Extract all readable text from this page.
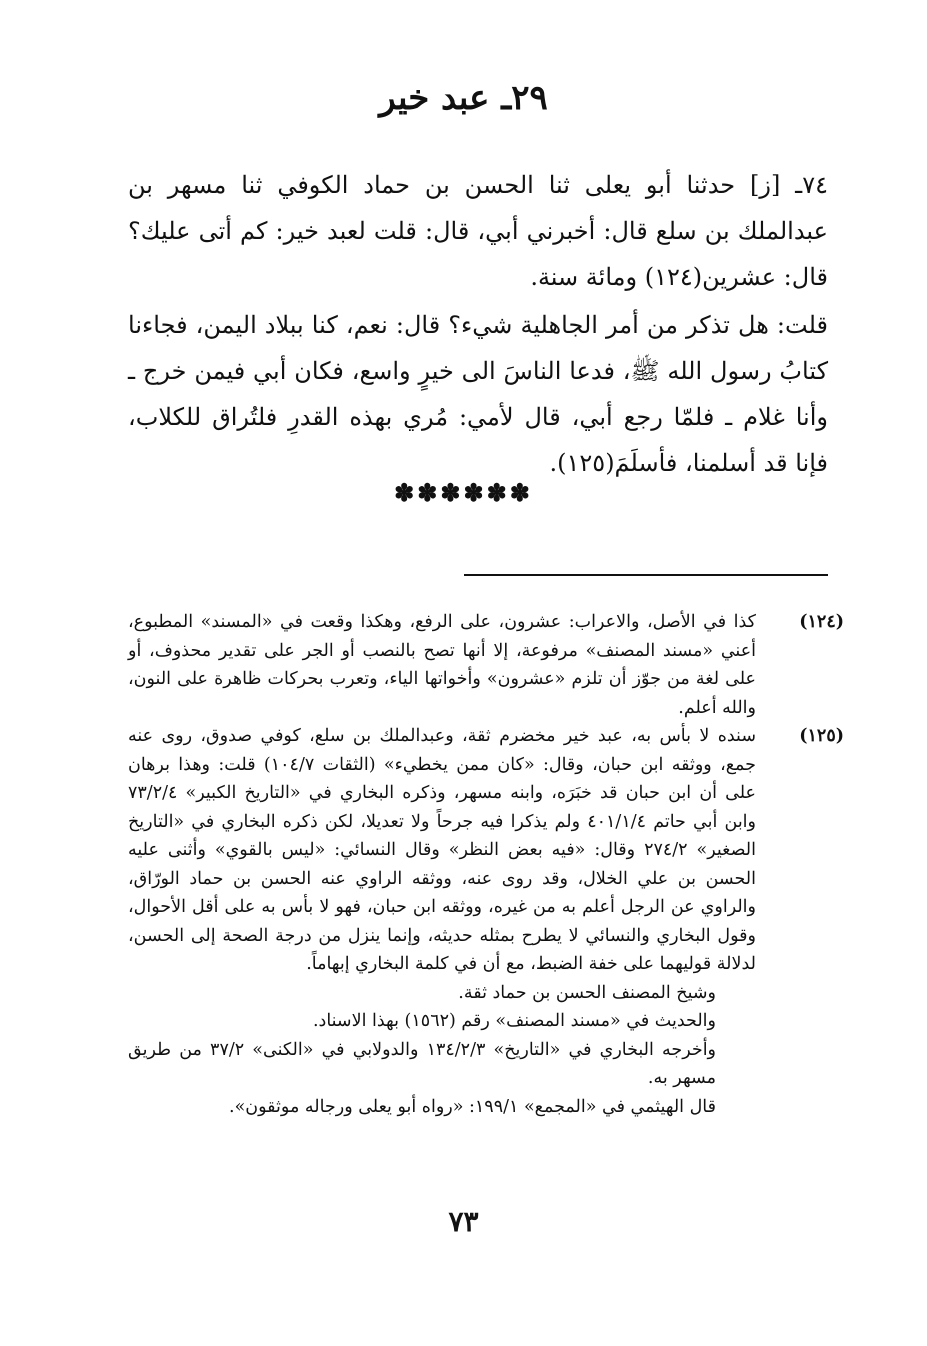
٢٩ـ عبد خير

٧٤ـ [ز] حدثنا أبو يعلى ثنا الحسن بن حماد الكوفي ثنا مسهر بن عبدالملك بن سلع قال: أخبرني أبي، قال: قلت لعبد خير: كم أتى عليك؟ قال: عشرين(١٢٤) ومائة سنة.

قلت: هل تذكر من أمر الجاهلية شيء؟ قال: نعم، كنا ببلاد اليمن، فجاءنا كتابُ رسول الله ﷺ، فدعا الناسَ الى خيرٍ واسع، فكان أبي فيمن خرج ـ وأنا غلام ـ فلمّا رجع أبي، قال لأمي: مُري بهذه القدرِ فلتُراق للكلاب، فإنا قد أسلمنا، فأسلَمَ(١٢٥).

✽✽✽✽✽✽
(١٢٤)
كذا في الأصل، والاعراب: عشرون، على الرفع، وهكذا وقعت في «المسند» المطبوع، أعني «مسند المصنف» مرفوعة، إلا أنها تصح بالنصب أو الجر على تقدير محذوف، أو على لغة من جوّز أن تلزم «عشرون» وأخواتها الياء، وتعرب بحركات ظاهرة على النون، والله أعلم.
(١٢٥)
سنده لا بأس به، عبد خير مخضرم ثقة، وعبدالملك بن سلع، كوفي صدوق، روى عنه جمع، ووثقه ابن حبان، وقال: «كان ممن يخطيء» (الثقات ١٠٤/٧) قلت: وهذا برهان على أن ابن حبان قد خبَرَه، وابنه مسهر، وذكره البخاري في «التاريخ الكبير» ٧٣/٢/٤ وابن أبي حاتم ٤٠١/١/٤ ولم يذكرا فيه جرحاً ولا تعديلا، لكن ذكره البخاري في «التاريخ الصغير» ٢٧٤/٢ وقال: «فيه بعض النظر» وقال النسائي: «ليس بالقوي» وأثنى عليه الحسن بن علي الخلال، وقد روى عنه، ووثقه الراوي عنه الحسن بن حماد الورّاق، والراوي عن الرجل أعلم به من غيره، ووثقه ابن حبان، فهو لا بأس به على أقل الأحوال، وقول البخاري والنسائي لا يطرح بمثله حديثه، وإنما ينزل من درجة الصحة إلى الحسن، لدلالة قوليهما على خفة الضبط، مع أن في كلمة البخاري إبهاماً.
وشيخ المصنف الحسن بن حماد ثقة.
والحديث في «مسند المصنف» رقم (١٥٦٢) بهذا الاسناد.
وأخرجه البخاري في «التاريخ» ١٣٤/٢/٣ والدولابي في «الكنى» ٣٧/٢ من طريق مسهر به.
قال الهيثمي في «المجمع» ١٩٩/١: «رواه أبو يعلى ورجاله موثقون».
٧٣
